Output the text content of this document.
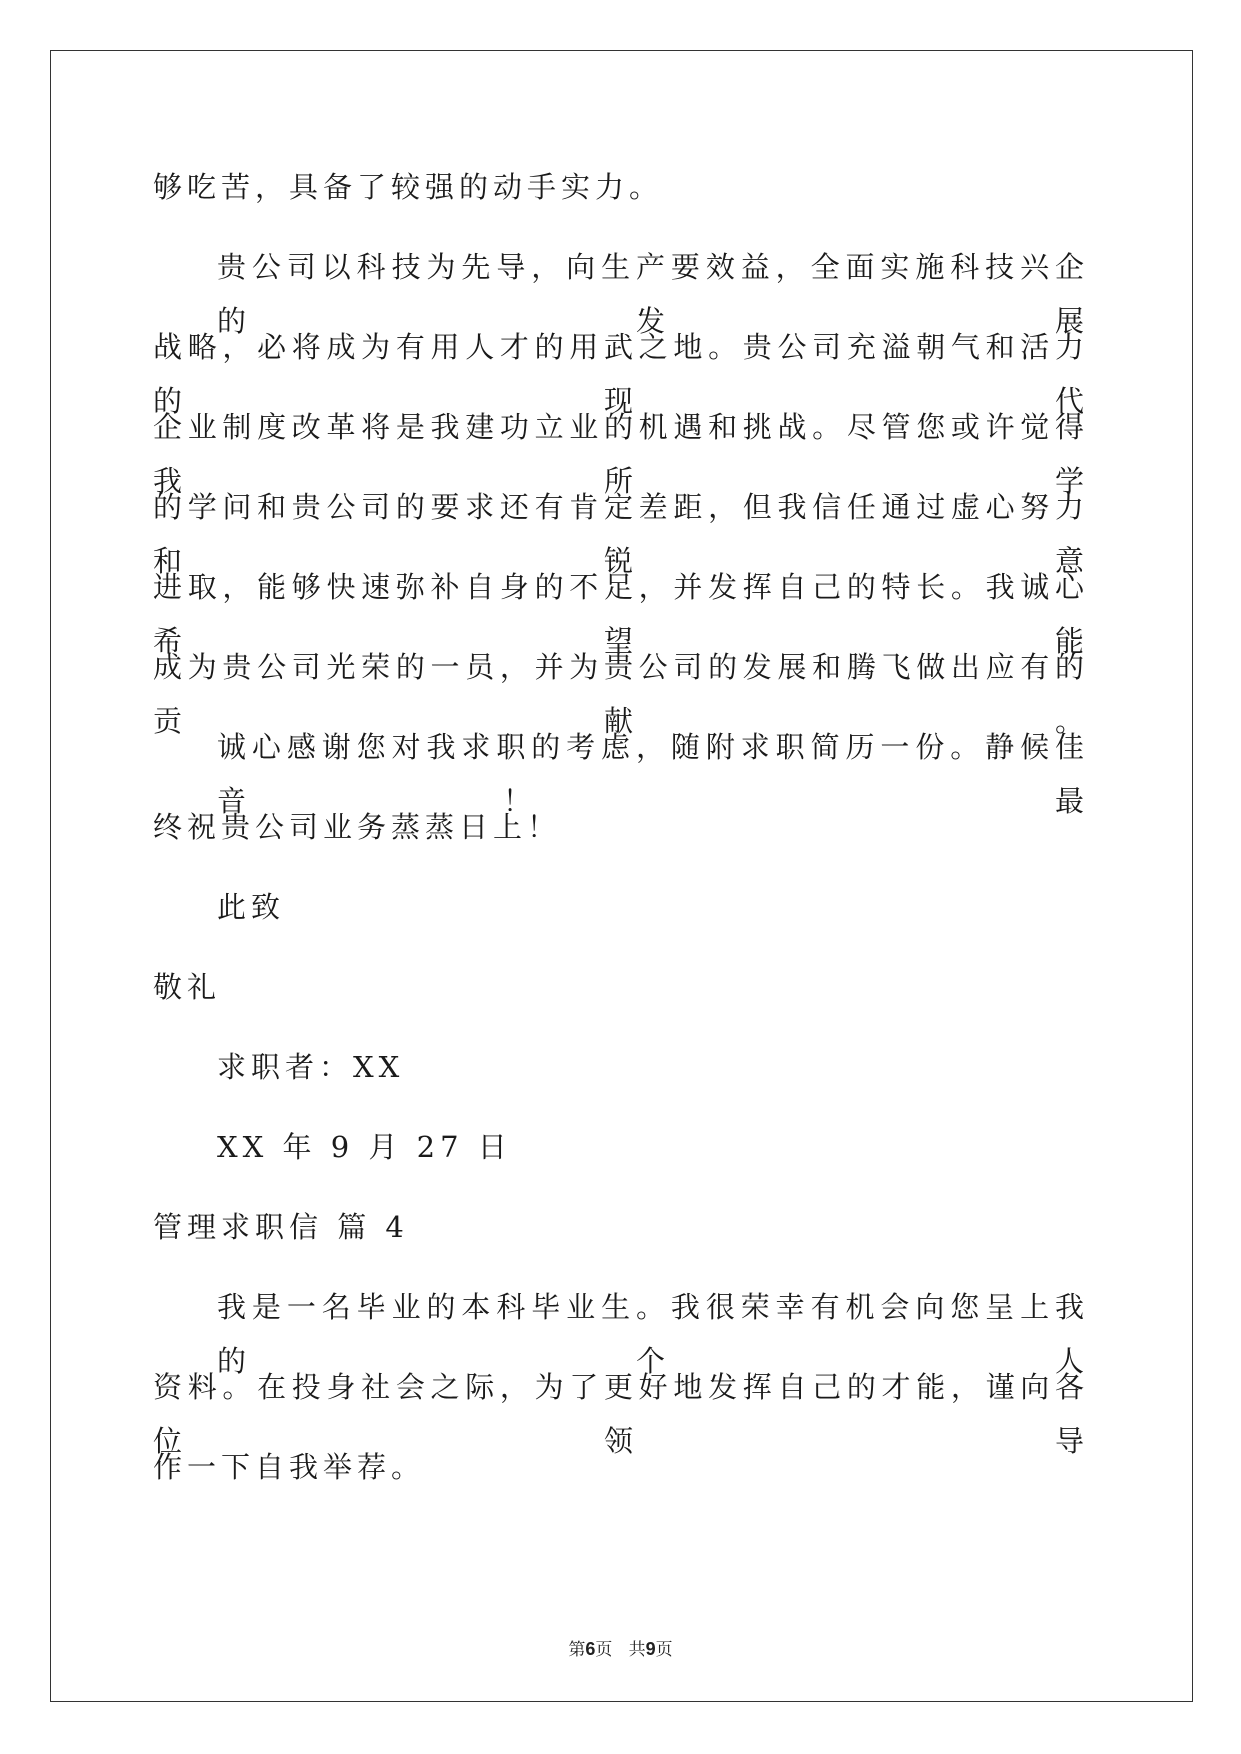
够吃苦，具备了较强的动手实力。
贵公司以科技为先导，向生产要效益，全面实施科技兴企的发展
战略，必将成为有用人才的用武之地。贵公司充溢朝气和活力的现代
企业制度改革将是我建功立业的机遇和挑战。尽管您或许觉得我所学
的学问和贵公司的要求还有肯定差距，但我信任通过虚心努力和锐意
进取，能够快速弥补自身的不足，并发挥自己的特长。我诚心希望能
成为贵公司光荣的一员，并为贵公司的发展和腾飞做出应有的贡献。
诚心感谢您对我求职的考虑，随附求职简历一份。静候佳音！ 最
终祝贵公司业务蒸蒸日上！
此致
敬礼
求职者：XX
XX 年 9 月 27 日
管理求职信 篇 4
我是一名毕业的本科毕业生。我很荣幸有机会向您呈上我的个人
资料。在投身社会之际，为了更好地发挥自己的才能，谨向各位领导
作一下自我举荐。
第6页 共9页
